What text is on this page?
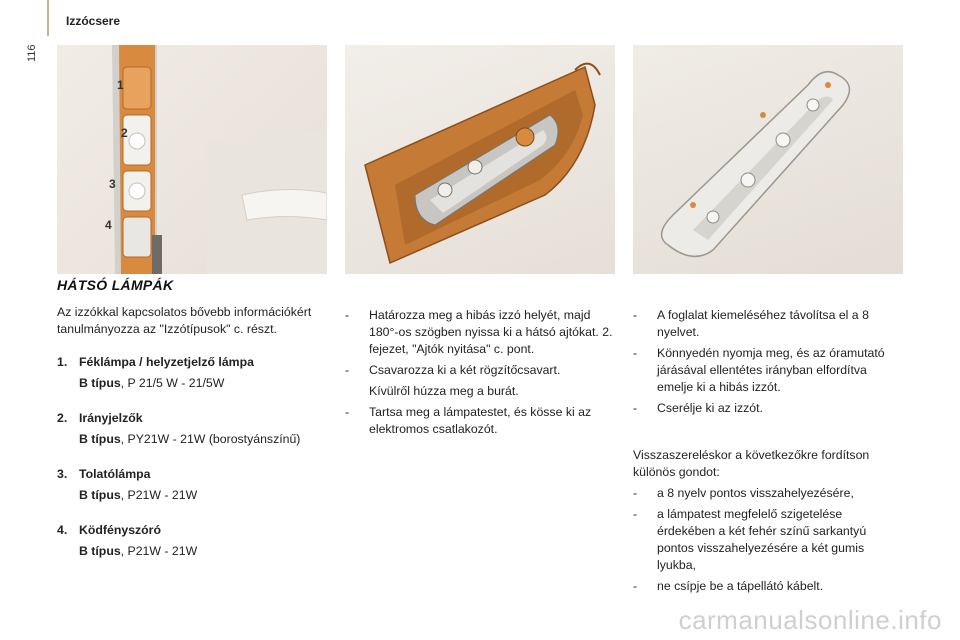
Izzócsere
116
1
2
3
4
HÁTSÓ LÁMPÁK

Az izzókkal kapcsolatos bővebb információkért tanulmányozza az "Izzótípusok" c. részt.

1. Féklámpa / helyzetjelző lámpa

B típus, P 21/5 W - 21/5W

2. Irányjelzők

B típus, PY21W - 21W (borostyánszínű)

3. Tolatólámpa

B típus, P21W - 21W

4. Ködfényszóró

B típus, P21W - 21W

- Határozza meg a hibás izzó helyét, majd 180°-os szögben nyissa ki a hátsó ajtókat. 2. fejezet, "Ajtók nyitása" c. pont.

- Csavarozza ki a két rögzítőcsavart.

Kívülről húzza meg a burát.

- Tartsa meg a lámpatestet, és kösse ki az elektromos csatlakozót.

- A foglalat kiemeléséhez távolítsa el a 8 nyelvet.

- Könnyedén nyomja meg, és az óramutató járásával ellentétes irányban elfordítva emelje ki a hibás izzót.

- Cserélje ki az izzót.

Visszaszereléskor a következőkre fordítson különös gondot:

- a 8 nyelv pontos visszahelyezésére,

- a lámpatest megfelelő szigetelése érdekében a két fehér színű sarkantyú pontos visszahelyezésére a két gumis lyukba,

- ne csípje be a tápellátó kábelt.

carmanualsonline.info
